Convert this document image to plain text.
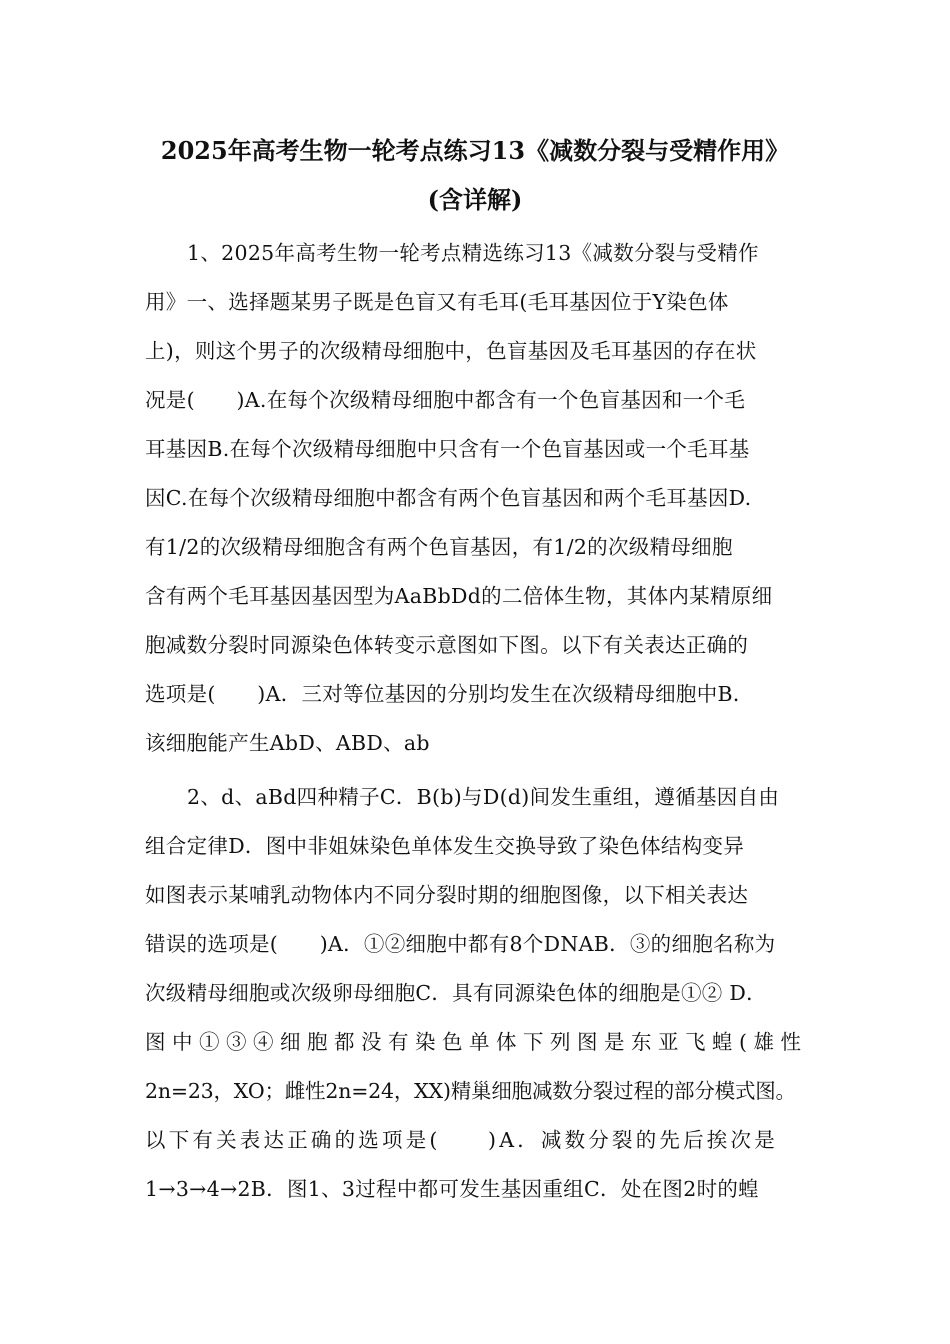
2025年高考生物一轮考点练习13《减数分裂与受精作用》
(含详解)
1、2025年高考生物一轮考点精选练习13《减数分裂与受精作
用》一、选择题某男子既是色盲又有毛耳(毛耳基因位于Y染色体
上)，则这个男子的次级精母细胞中，色盲基因及毛耳基因的存在状
况是(　　)A.在每个次级精母细胞中都含有一个色盲基因和一个毛
耳基因B.在每个次级精母细胞中只含有一个色盲基因或一个毛耳基
因C.在每个次级精母细胞中都含有两个色盲基因和两个毛耳基因D.
有1/2的次级精母细胞含有两个色盲基因，有1/2的次级精母细胞
含有两个毛耳基因基因型为AaBbDd的二倍体生物，其体内某精原细
胞减数分裂时同源染色体转变示意图如下图。以下有关表达正确的
选项是(　　)A．三对等位基因的分别均发生在次级精母细胞中B．
该细胞能产生AbD、ABD、ab
2、d、aBd四种精子C．B(b)与D(d)间发生重组，遵循基因自由
组合定律D．图中非姐妹染色单体发生交换导致了染色体结构变异
如图表示某哺乳动物体内不同分裂时期的细胞图像，以下相关表达
错误的选项是(　　)A．①②细胞中都有8个DNAB．③的细胞名称为
次级精母细胞或次级卵母细胞C．具有同源染色体的细胞是①② D．
图中①③④细胞都没有染色单体下列图是东亚飞蝗(雄性
2n=23，XO；雌性2n=24，XX)精巢细胞减数分裂过程的部分模式图。
以下有关表达正确的选项是(　　)A．减数分裂的先后挨次是
1→3→4→2B．图1、3过程中都可发生基因重组C．处在图2时的蝗
